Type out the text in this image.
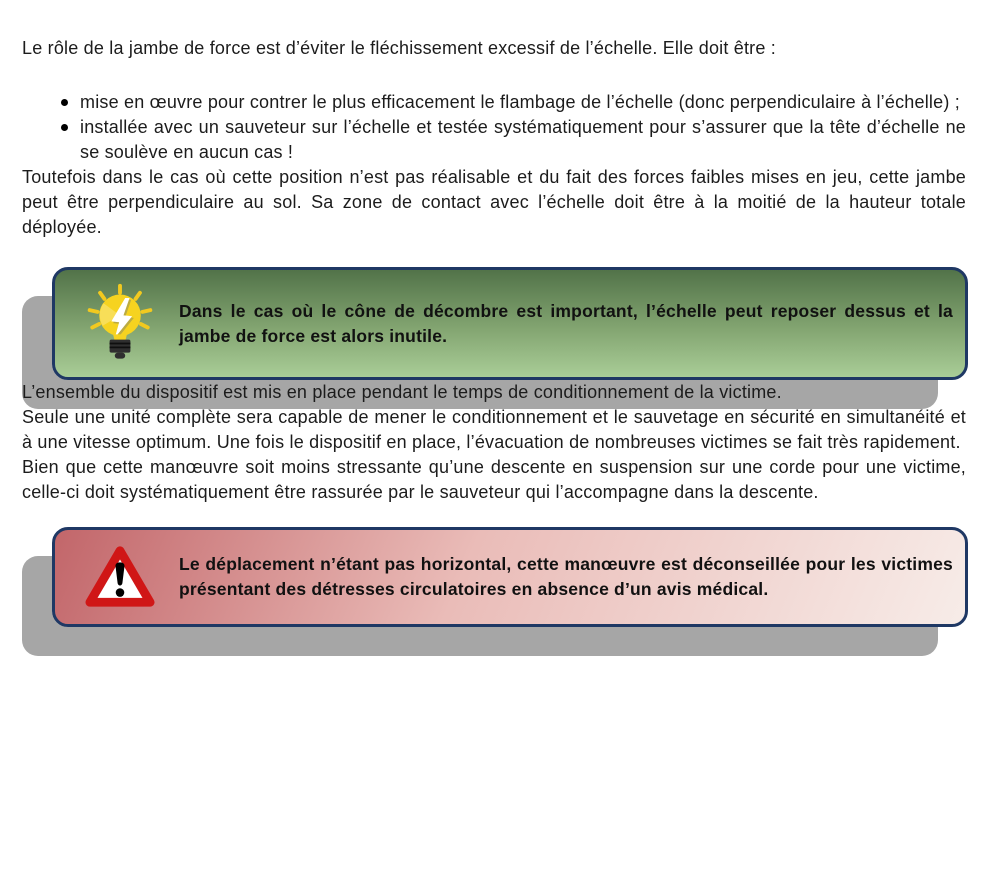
Le rôle de la jambe de force est d’éviter le fléchissement excessif de l’échelle. Elle doit être :

mise en œuvre pour contrer le plus efficacement le flambage de l’échelle (donc perpendiculaire à l’échelle) ;
installée avec un sauveteur sur l’échelle et testée systématiquement pour s’assurer que la tête d’échelle ne se soulève en aucun cas !

Toutefois dans le cas où cette position n’est pas réalisable et du fait des forces faibles mises en jeu, cette jambe peut être perpendiculaire au sol. Sa zone de contact avec l’échelle doit être à la moitié de la hauteur totale déployée.

Dans le cas où le cône de décombre est important, l’échelle peut reposer dessus et la jambe de force est alors inutile.

L’ensemble du dispositif est mis en place pendant le temps de conditionnement de la victime.

Seule une unité complète sera capable de mener le conditionnement et le sauvetage en sécurité en simultanéité et à une vitesse optimum. Une fois le dispositif en place, l’évacuation de nombreuses victimes se fait très rapidement.

Bien que cette manœuvre soit moins stressante qu’une descente en suspension sur une corde pour une victime, celle-ci doit systématiquement être rassurée par le sauveteur qui l’accompagne dans la descente.

Le déplacement n’étant pas horizontal, cette manœuvre est déconseillée pour les victimes présentant des détresses circulatoires en absence d’un avis médical.
